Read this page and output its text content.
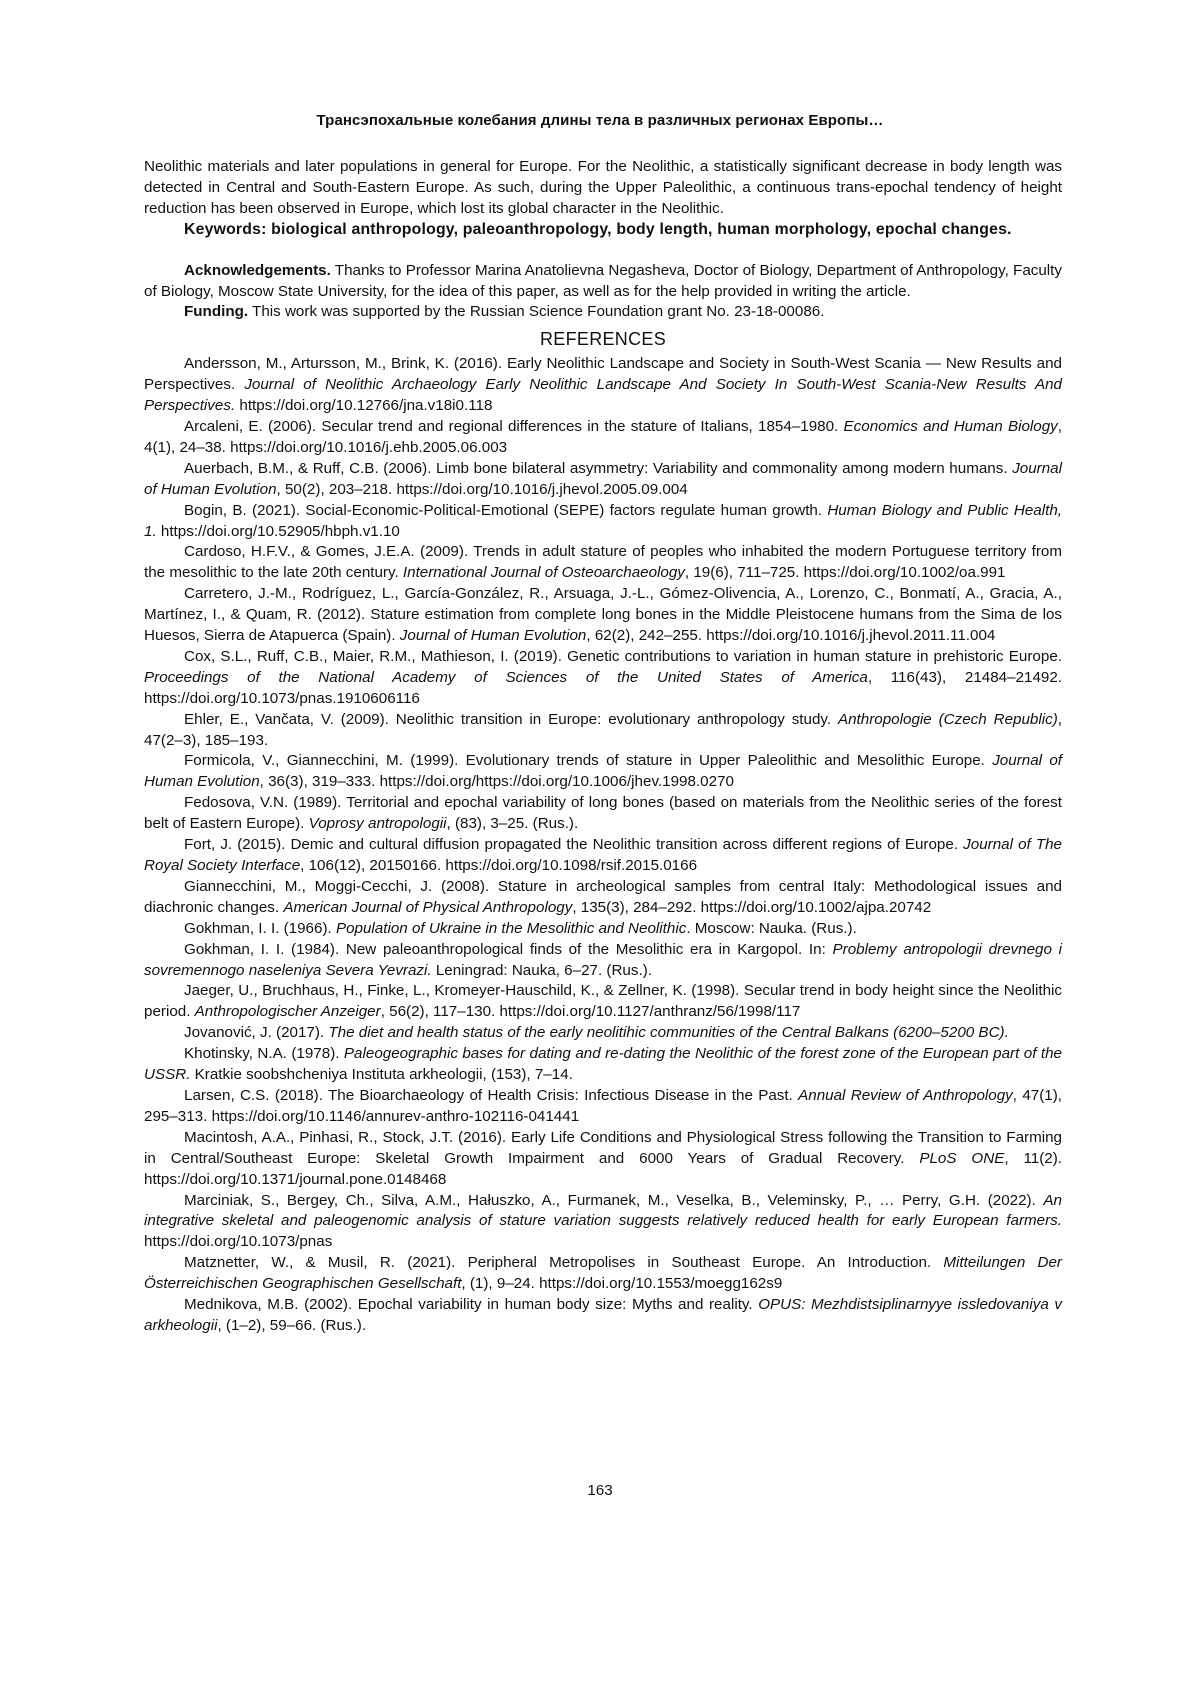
Трансэпохальные колебания длины тела в различных регионах Европы…

Neolithic materials and later populations in general for Europe. For the Neolithic, a statistically significant decrease in body length was detected in Central and South-Eastern Europe. As such, during the Upper Paleolithic, a continuous trans-epochal tendency of height reduction has been observed in Europe, which lost its global character in the Neolithic.

Keywords: biological anthropology, paleoanthropology, body length, human morphology, epochal changes.

Acknowledgements. Thanks to Professor Marina Anatolievna Negasheva, Doctor of Biology, Department of Anthropology, Faculty of Biology, Moscow State University, for the idea of this paper, as well as for the help provided in writing the article.

Funding. This work was supported by the Russian Science Foundation grant No. 23-18-00086.

REFERENCES

Andersson, M., Artursson, M., Brink, K. (2016). Early Neolithic Landscape and Society in South-West Scania — New Results and Perspectives. Journal of Neolithic Archaeology Early Neolithic Landscape And Society In South-West Scania-New Results And Perspectives. https://doi.org/10.12766/jna.v18i0.118

Arcaleni, E. (2006). Secular trend and regional differences in the stature of Italians, 1854–1980. Economics and Human Biology, 4(1), 24–38. https://doi.org/10.1016/j.ehb.2005.06.003

Auerbach, B.M., & Ruff, C.B. (2006). Limb bone bilateral asymmetry: Variability and commonality among modern humans. Journal of Human Evolution, 50(2), 203–218. https://doi.org/10.1016/j.jhevol.2005.09.004

Bogin, B. (2021). Social-Economic-Political-Emotional (SEPE) factors regulate human growth. Human Biology and Public Health, 1. https://doi.org/10.52905/hbph.v1.10

Cardoso, H.F.V., & Gomes, J.E.A. (2009). Trends in adult stature of peoples who inhabited the modern Portuguese territory from the mesolithic to the late 20th century. International Journal of Osteoarchaeology, 19(6), 711–725. https://doi.org/10.1002/oa.991

Carretero, J.-M., Rodríguez, L., García-González, R., Arsuaga, J.-L., Gómez-Olivencia, A., Lorenzo, C., Bonmatí, A., Gracia, A., Martínez, I., & Quam, R. (2012). Stature estimation from complete long bones in the Middle Pleistocene humans from the Sima de los Huesos, Sierra de Atapuerca (Spain). Journal of Human Evolution, 62(2), 242–255. https://doi.org/10.1016/j.jhevol.2011.11.004

Cox, S.L., Ruff, C.B., Maier, R.M., Mathieson, I. (2019). Genetic contributions to variation in human stature in prehistoric Europe. Proceedings of the National Academy of Sciences of the United States of America, 116(43), 21484–21492. https://doi.org/10.1073/pnas.1910606116

Ehler, E., Vančata, V. (2009). Neolithic transition in Europe: evolutionary anthropology study. Anthropologie (Czech Republic), 47(2–3), 185–193.

Formicola, V., Giannecchini, M. (1999). Evolutionary trends of stature in Upper Paleolithic and Mesolithic Europe. Journal of Human Evolution, 36(3), 319–333. https://doi.org/https://doi.org/10.1006/jhev.1998.0270

Fedosova, V.N. (1989). Territorial and epochal variability of long bones (based on materials from the Neolithic series of the forest belt of Eastern Europe). Voprosy antropologii, (83), 3–25. (Rus.).

Fort, J. (2015). Demic and cultural diffusion propagated the Neolithic transition across different regions of Europe. Journal of The Royal Society Interface, 106(12), 20150166. https://doi.org/10.1098/rsif.2015.0166

Giannecchini, M., Moggi-Cecchi, J. (2008). Stature in archeological samples from central Italy: Methodological issues and diachronic changes. American Journal of Physical Anthropology, 135(3), 284–292. https://doi.org/10.1002/ajpa.20742

Gokhman, I. I. (1966). Population of Ukraine in the Mesolithic and Neolithic. Moscow: Nauka. (Rus.).

Gokhman, I. I. (1984). New paleoanthropological finds of the Mesolithic era in Kargopol. In: Problemy antropologii drevnego i sovremennogo naseleniya Severa Yevrazi. Leningrad: Nauka, 6–27. (Rus.).

Jaeger, U., Bruchhaus, H., Finke, L., Kromeyer-Hauschild, K., & Zellner, K. (1998). Secular trend in body height since the Neolithic period. Anthropologischer Anzeiger, 56(2), 117–130. https://doi.org/10.1127/anthranz/56/1998/117

Jovanović, J. (2017). The diet and health status of the early neolitihic communities of the Central Balkans (6200–5200 BC).

Khotinsky, N.A. (1978). Paleogeographic bases for dating and re-dating the Neolithic of the forest zone of the European part of the USSR. Kratkie soobshcheniya Instituta arkheologii, (153), 7–14.

Larsen, C.S. (2018). The Bioarchaeology of Health Crisis: Infectious Disease in the Past. Annual Review of Anthropology, 47(1), 295–313. https://doi.org/10.1146/annurev-anthro-102116-041441

Macintosh, A.A., Pinhasi, R., Stock, J.T. (2016). Early Life Conditions and Physiological Stress following the Transition to Farming in Central/Southeast Europe: Skeletal Growth Impairment and 6000 Years of Gradual Recovery. PLoS ONE, 11(2). https://doi.org/10.1371/journal.pone.0148468

Marciniak, S., Bergey, Ch., Silva, A.M., Hałuszko, A., Furmanek, M., Veselka, B., Veleminsky, P., … Perry, G.H. (2022). An integrative skeletal and paleogenomic analysis of stature variation suggests relatively reduced health for early European farmers. https://doi.org/10.1073/pnas

Matznetter, W., & Musil, R. (2021). Peripheral Metropolises in Southeast Europe. An Introduction. Mitteilungen Der Österreichischen Geographischen Gesellschaft, (1), 9–24. https://doi.org/10.1553/moegg162s9

Mednikova, M.B. (2002). Epochal variability in human body size: Myths and reality. OPUS: Mezhdistsiplinarnyye issledovaniya v arkheologii, (1–2), 59–66. (Rus.).

163
